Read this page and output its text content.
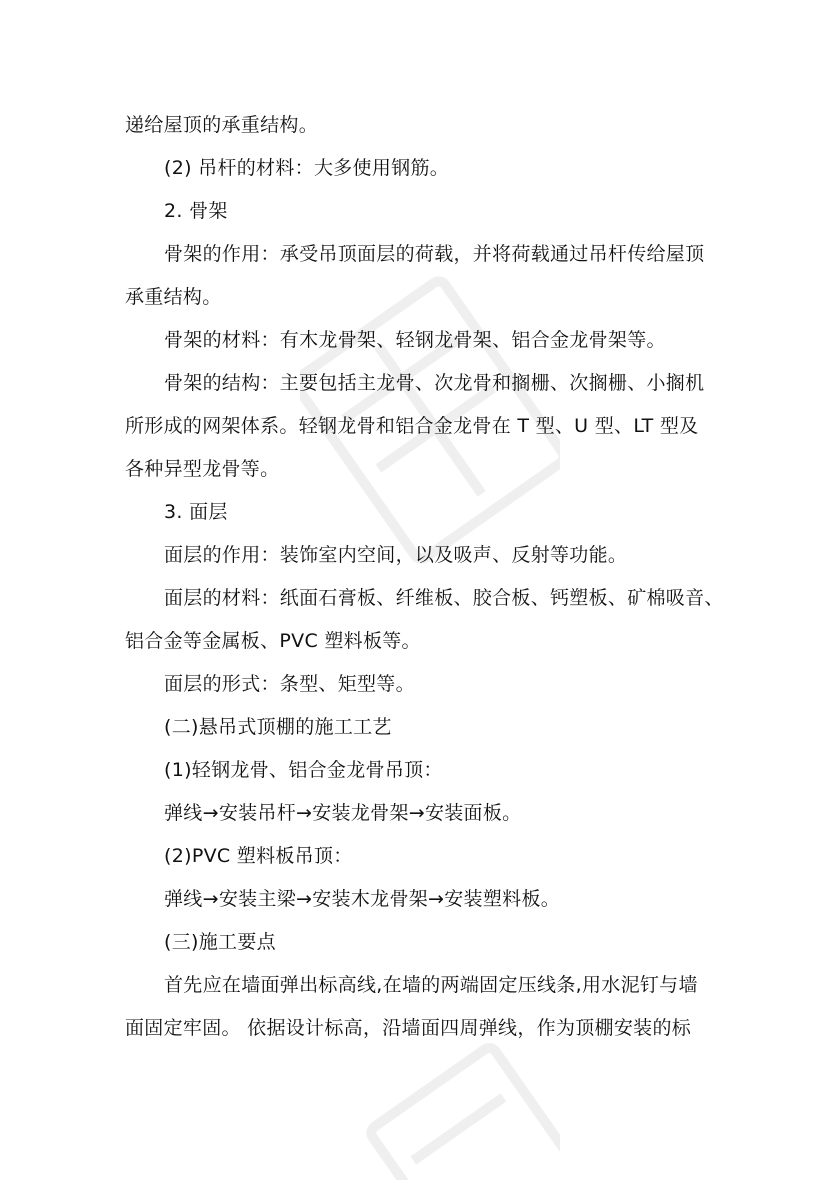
递给屋顶的承重结构。
(2) 吊杆的材料：大多使用钢筋。
2. 骨架
骨架的作用：承受吊顶面层的荷载，并将荷载通过吊杆传给屋顶
承重结构。
骨架的材料：有木龙骨架、轻钢龙骨架、铝合金龙骨架等。
骨架的结构：主要包括主龙骨、次龙骨和搁栅、次搁栅、小搁机
所形成的网架体系。轻钢龙骨和铝合金龙骨在 T 型、U 型、LT 型及
各种异型龙骨等。
3. 面层
面层的作用：装饰室内空间，以及吸声、反射等功能。
面层的材料：纸面石膏板、纤维板、胶合板、钙塑板、矿棉吸音、
铝合金等金属板、PVC 塑料板等。
面层的形式：条型、矩型等。
(二)悬吊式顶棚的施工工艺
(1)轻钢龙骨、铝合金龙骨吊顶：
弹线→安装吊杆→安装龙骨架→安装面板。
(2)PVC 塑料板吊顶：
弹线→安装主梁→安装木龙骨架→安装塑料板。
(三)施工要点
首先应在墙面弹出标高线,在墙的两端固定压线条,用水泥钉与墙
面固定牢固。 依据设计标高，沿墙面四周弹线，作为顶棚安装的标
